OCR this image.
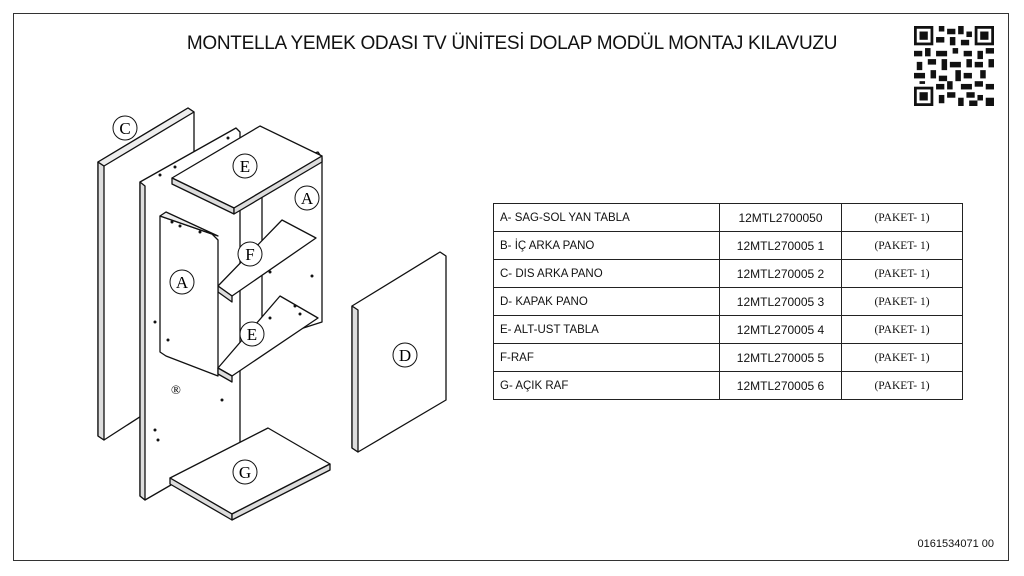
MONTELLA YEMEK ODASI TV ÜNİTESİ DOLAP MODÜL MONTAJ KILAVUZU
C
E
A
F
A
E
D
G
®
A- SAG-SOL YAN TABLA	12MTL2700050	(PAKET- 1)
B- İÇ ARKA PANO	12MTL270005 1	(PAKET- 1)
C- DIS ARKA PANO	12MTL270005 2	(PAKET- 1)
D- KAPAK PANO	12MTL270005 3	(PAKET- 1)
E- ALT-UST TABLA	12MTL270005 4	(PAKET- 1)
F-RAF	12MTL270005 5	(PAKET- 1)
G- AÇIK RAF	12MTL270005 6	(PAKET- 1)
0161534071 00
